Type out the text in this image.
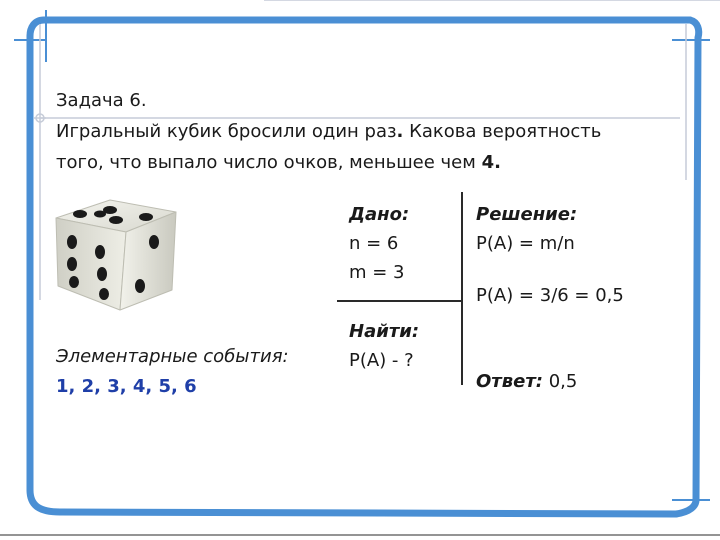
Задача 6.
Игральный кубик бросили один раз. Какова вероятность
того, что выпало число очков, меньшее чем 4.
Элементарные события:
1, 2, 3, 4, 5, 6
Дано:
n = 6
m = 3
Найти:
P(A) - ?
Решение:
P(A) = m/n
P(A) = 3/6 = 0,5
Ответ: 0,5
